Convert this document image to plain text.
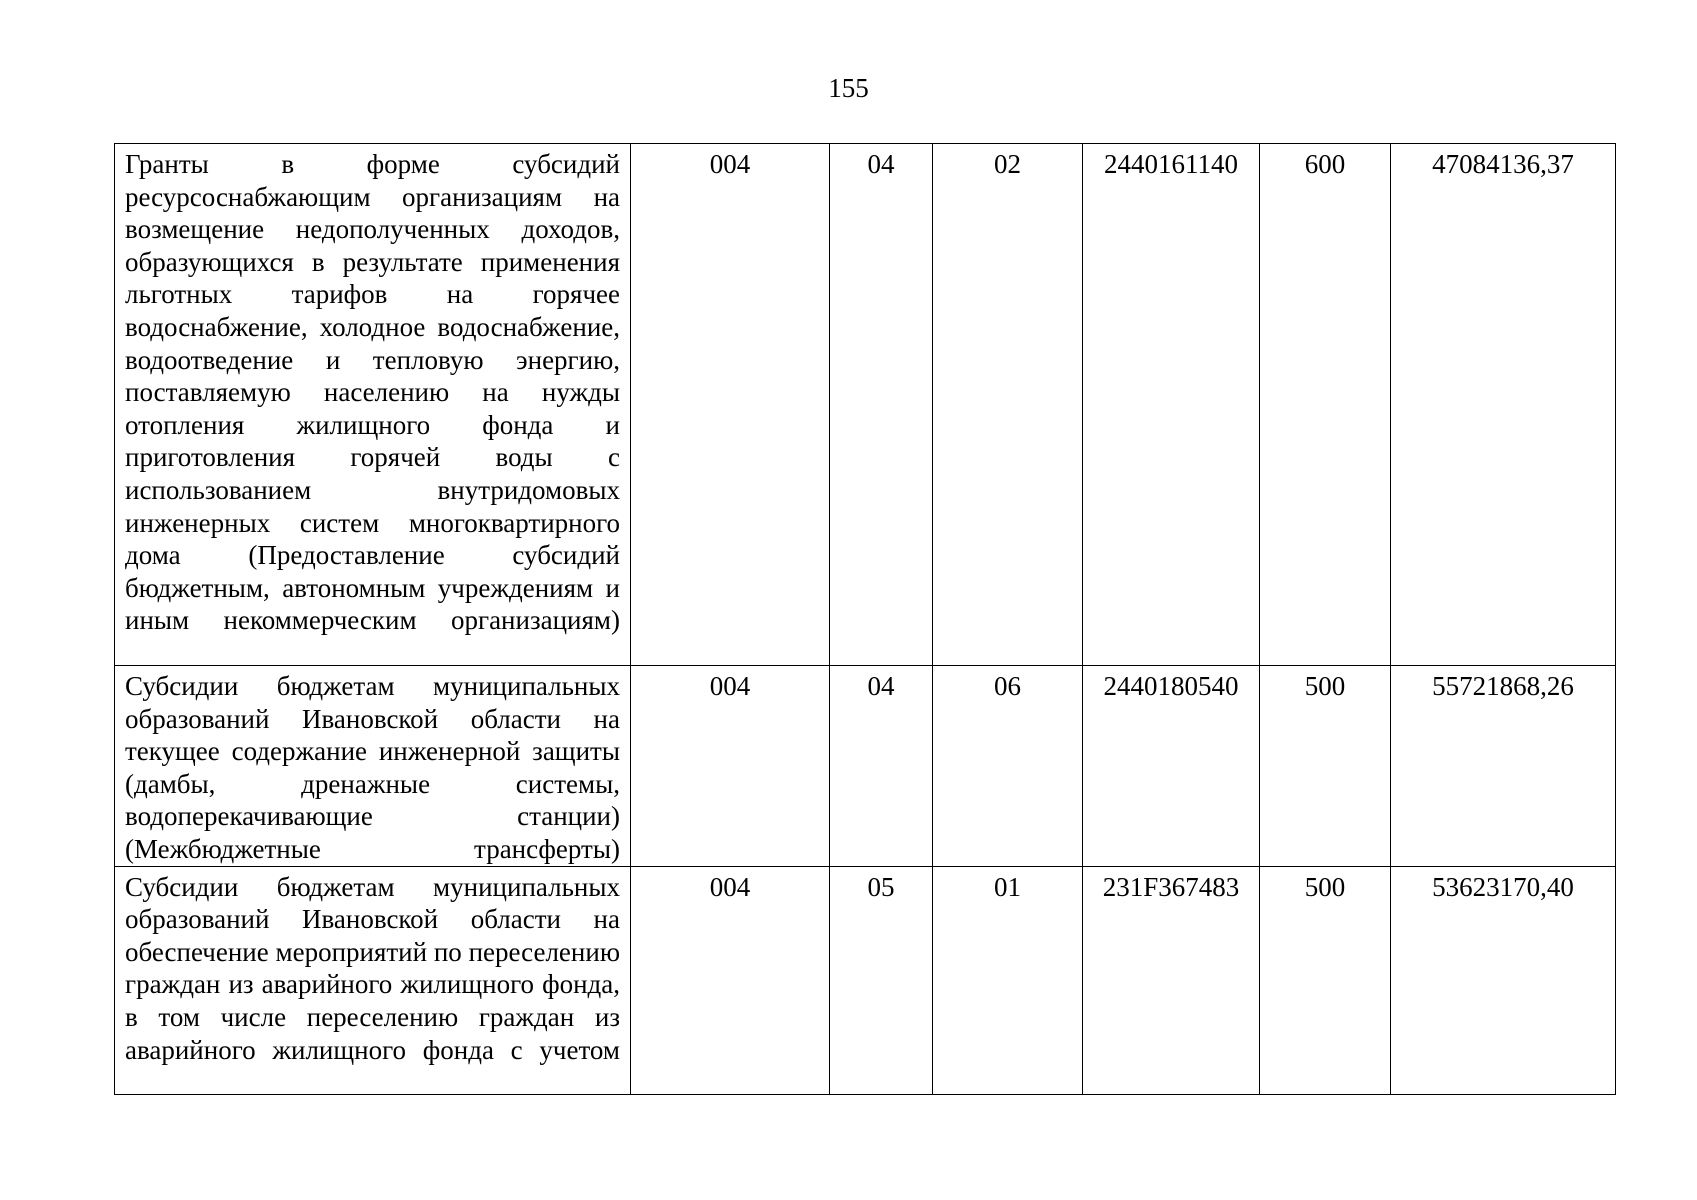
155
Гранты в форме субсидий ресурсоснабжающим организациям на возмещение недополученных доходов, образующихся в результате применения льготных тарифов на горячее водоснабжение, холодное водоснабжение, водоотведение и тепловую энергию, поставляемую населению на нужды отопления жилищного фонда и приготовления горячей воды с использованием внутридомовых инженерных систем многоквартирного дома (Предоставление субсидий бюджетным, автономным учреждениям и иным некоммерческим организациям)	004	04	02	2440161140	600	47084136,37
Субсидии бюджетам муниципальных образований Ивановской области на текущее содержание инженерной защиты (дамбы, дренажные системы, водоперекачивающие станции) (Межбюджетные трансферты)	004	04	06	2440180540	500	55721868,26
Субсидии бюджетам муниципальных образований Ивановской области на обеспечение мероприятий по переселению граждан из аварийного жилищного фонда, в том числе переселению граждан из аварийного жилищного фонда с учетом	004	05	01	231F367483	500	53623170,40
